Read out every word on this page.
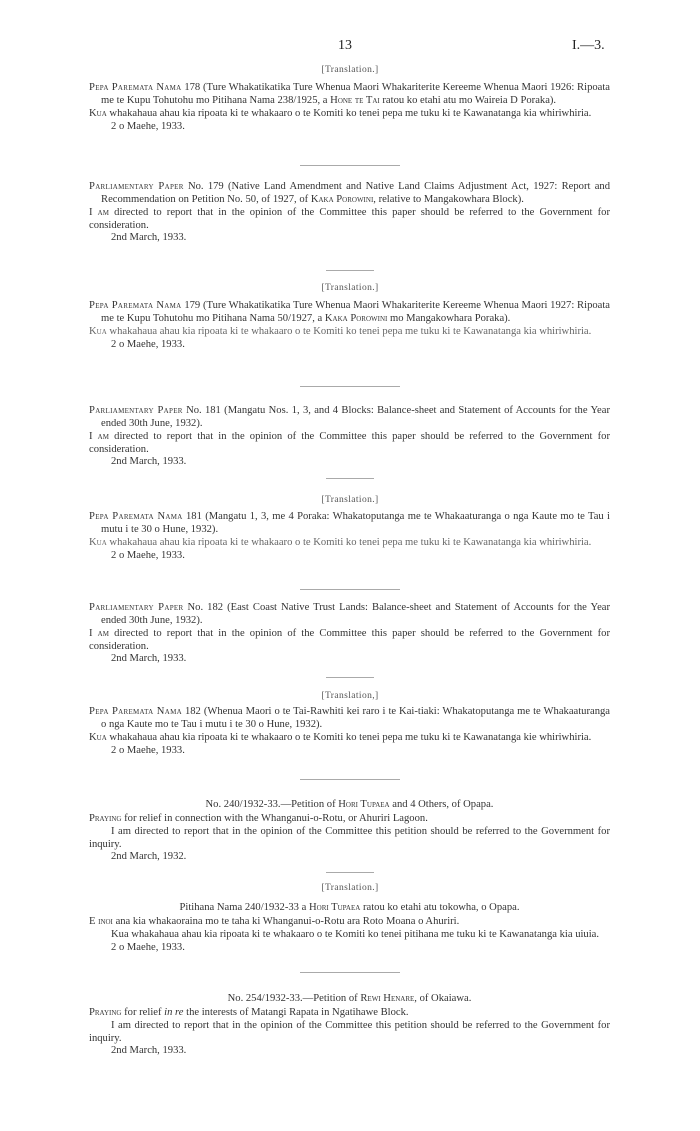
13	I.—3.
[Translation.]

Pepa Paremata Nama 178 (Ture Whakatikatika Ture Whenua Maori Whakariterite Kereeme Whenua Maori 1926: Ripoata me te Kupu Tohutohu mo Pitihana Nama 238/1925, a Hone te Tai ratou ko etahi atu mo Waireia D Poraka).

Kua whakahaua ahau kia ripoata ki te whakaaro o te Komiti ko tenei pepa me tuku ki te Kawanatanga kia whiriwhiria.

2 o Maehe, 1933.

Parliamentary Paper No. 179 (Native Land Amendment and Native Land Claims Adjustment Act, 1927: Report and Recommendation on Petition No. 50, of 1927, of Kaka Porowini, relative to Mangakowhara Block).

I am directed to report that in the opinion of the Committee this paper should be referred to the Government for consideration.

2nd March, 1933.

[Translation.]

Pepa Paremata Nama 179 (Ture Whakatikatika Ture Whenua Maori Whakariterite Kereeme Whenua Maori 1927: Ripoata me te Kupu Tohutohu mo Pitihana Nama 50/1927, a Kaka Porowini mo Mangakowhara Poraka).

Kua whakahaua ahau kia ripoata ki te whakaaro o te Komiti ko tenei pepa me tuku ki te Kawanatanga kia whiriwhiria.

2 o Maehe, 1933.

Parliamentary Paper No. 181 (Mangatu Nos. 1, 3, and 4 Blocks: Balance-sheet and Statement of Accounts for the Year ended 30th June, 1932).

I am directed to report that in the opinion of the Committee this paper should be referred to the Government for consideration.

2nd March, 1933.

[Translation.]

Pepa Paremata Nama 181 (Mangatu 1, 3, me 4 Poraka: Whakatoputanga me te Whakaaturanga o nga Kaute mo te Tau i mutu i te 30 o Hune, 1932).

Kua whakahaua ahau kia ripoata ki te whakaaro o te Komiti ko tenei pepa me tuku ki te Kawanatanga kia whiriwhiria.

2 o Maehe, 1933.

Parliamentary Paper No. 182 (East Coast Native Trust Lands: Balance-sheet and Statement of Accounts for the Year ended 30th June, 1932).

I am directed to report that in the opinion of the Committee this paper should be referred to the Government for consideration.

2nd March, 1933.

[Translation,]

Pepa Paremata Nama 182 (Whenua Maori o te Tai-Rawhiti kei raro i te Kai-tiaki: Whakatoputanga me te Whakaaturanga o nga Kaute mo te Tau i mutu i te 30 o Hune, 1932).

Kua whakahaua ahau kia ripoata ki te whakaaro o te Komiti ko tenei pepa me tuku ki te Kawanatanga kie whiriwhiria.

2 o Maehe, 1933.

No. 240/1932-33.—Petition of Hori Tupaea and 4 Others, of Opapa.

Praying for relief in connection with the Whanganui-o-Rotu, or Ahuriri Lagoon.

I am directed to report that in the opinion of the Committee this petition should be referred to the Government for inquiry.

2nd March, 1932.

[Translation.]

Pitihana Nama 240/1932-33 a Hori Tupaea ratou ko etahi atu tokowha, o Opapa.

E inoi ana kia whakaoraina mo te taha ki Whanganui-o-Rotu ara Roto Moana o Ahuriri.

Kua whakahaua ahau kia ripoata ki te whakaaro o te Komiti ko tenei pitihana me tuku ki te Kawanatanga kia uiuia.

2 o Maehe, 1933.

No. 254/1932-33.—Petition of Rewi Henare, of Okaiawa.

Praying for relief in re the interests of Matangi Rapata in Ngatihawe Block.

I am directed to report that in the opinion of the Committee this petition should be referred to the Government for inquiry.

2nd March, 1933.
